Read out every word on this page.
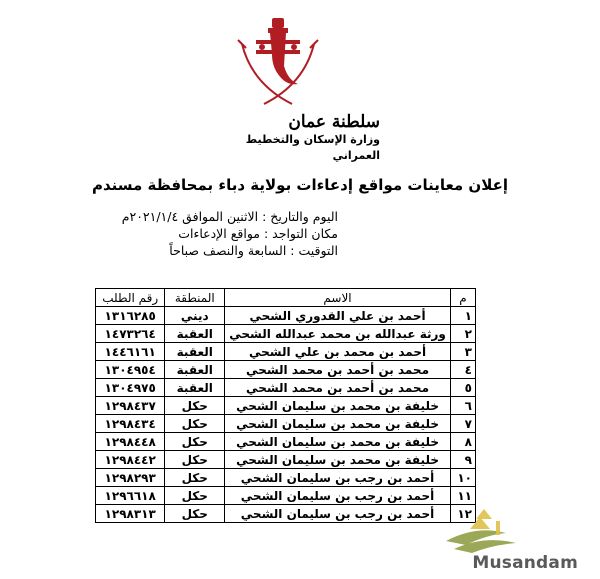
سلطنة عمان
وزارة الإسكان والتخطيط العمراني
إعلان معاينات مواقع إدعاءات بولاية دباء بمحافظة مسندم
اليوم والتاريخ : الاثنين الموافق ٢٠٢١/١/٤م
مكان التواجد : مواقع الإدعاءات
التوقيت : السابعة والنصف صباحاً
م	الاسم	المنطقة	رقم الطلب
١	أحمد بن علي القدوري الشحي	ديني	١٣١٦٢٨٥
٢	ورثة عبدالله بن محمد عبدالله الشحي	العقبة	١٤٧٣٢٦٤
٣	أحمد بن محمد بن علي الشحي	العقبة	١٤٤٦١٦١
٤	محمد بن أحمد بن محمد الشحي	العقبة	١٣٠٤٩٥٤
٥	محمد بن أحمد بن محمد الشحي	العقبة	١٣٠٤٩٧٥
٦	خليفة بن محمد بن سليمان الشحي	حكل	١٢٩٨٤٣٧
٧	خليفة بن محمد بن سليمان الشحي	حكل	١٢٩٨٤٣٤
٨	خليفة بن محمد بن سليمان الشحي	حكل	١٢٩٨٤٤٨
٩	خليفة بن محمد بن سليمان الشحي	حكل	١٢٩٨٤٤٢
١٠	أحمد بن رجب بن سليمان الشحي	حكل	١٢٩٨٢٩٣
١١	أحمد بن رجب بن سليمان الشحي	حكل	١٢٩٦٦١٨
١٢	أحمد بن رجب بن سليمان الشحي	حكل	١٢٩٨٣١٣
Musandam
